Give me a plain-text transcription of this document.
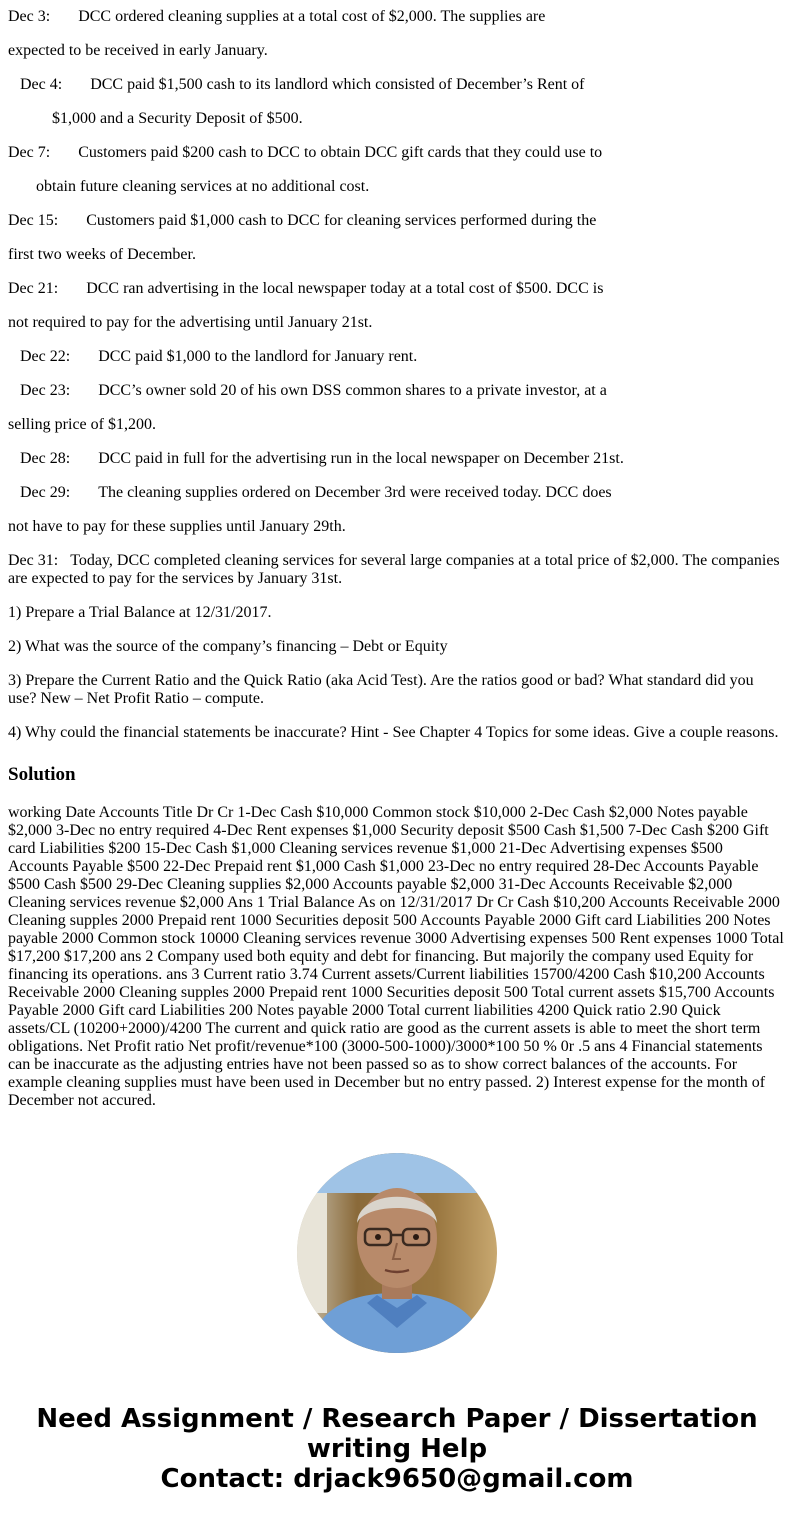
Dec 3: DCC ordered cleaning supplies at a total cost of $2,000. The supplies are

expected to be received in early January.

Dec 4: DCC paid $1,500 cash to its landlord which consisted of December’s Rent of

$1,000 and a Security Deposit of $500.

Dec 7: Customers paid $200 cash to DCC to obtain DCC gift cards that they could use to

obtain future cleaning services at no additional cost.

Dec 15: Customers paid $1,000 cash to DCC for cleaning services performed during the

first two weeks of December.

Dec 21: DCC ran advertising in the local newspaper today at a total cost of $500. DCC is

not required to pay for the advertising until January 21st.

Dec 22: DCC paid $1,000 to the landlord for January rent.

Dec 23: DCC’s owner sold 20 of his own DSS common shares to a private investor, at a

selling price of $1,200.

Dec 28: DCC paid in full for the advertising run in the local newspaper on December 21st.

Dec 29: The cleaning supplies ordered on December 3rd were received today. DCC does

not have to pay for these supplies until January 29th.

Dec 31: Today, DCC completed cleaning services for several large companies at a total price of $2,000. The companies are expected to pay for the services by January 31st.

1) Prepare a Trial Balance at 12/31/2017.

2) What was the source of the company’s financing – Debt or Equity

3) Prepare the Current Ratio and the Quick Ratio (aka Acid Test). Are the ratios good or bad? What standard did you use? New – Net Profit Ratio – compute.

4) Why could the financial statements be inaccurate? Hint - See Chapter 4 Topics for some ideas. Give a couple reasons.

Solution

working Date Accounts Title Dr Cr 1-Dec Cash $10,000 Common stock $10,000 2-Dec Cash $2,000 Notes payable $2,000 3-Dec no entry required 4-Dec Rent expenses $1,000 Security deposit $500 Cash $1,500 7-Dec Cash $200 Gift card Liabilities $200 15-Dec Cash $1,000 Cleaning services revenue $1,000 21-Dec Advertising expenses $500 Accounts Payable $500 22-Dec Prepaid rent $1,000 Cash $1,000 23-Dec no entry required 28-Dec Accounts Payable $500 Cash $500 29-Dec Cleaning supplies $2,000 Accounts payable $2,000 31-Dec Accounts Receivable $2,000 Cleaning services revenue $2,000 Ans 1 Trial Balance As on 12/31/2017 Dr Cr Cash $10,200 Accounts Receivable 2000 Cleaning supples 2000 Prepaid rent 1000 Securities deposit 500 Accounts Payable 2000 Gift card Liabilities 200 Notes payable 2000 Common stock 10000 Cleaning services revenue 3000 Advertising expenses 500 Rent expenses 1000 Total $17,200 $17,200 ans 2 Company used both equity and debt for financing. But majorily the company used Equity for financing its operations. ans 3 Current ratio 3.74 Current assets/Current liabilities 15700/4200 Cash $10,200 Accounts Receivable 2000 Cleaning supples 2000 Prepaid rent 1000 Securities deposit 500 Total current assets $15,700 Accounts Payable 2000 Gift card Liabilities 200 Notes payable 2000 Total current liabilities 4200 Quick ratio 2.90 Quick assets/CL (10200+2000)/4200 The current and quick ratio are good as the current assets is able to meet the short term obligations. Net Profit ratio Net profit/revenue*100 (3000-500-1000)/3000*100 50 % 0r .5 ans 4 Financial statements can be inaccurate as the adjusting entries have not been passed so as to show correct balances of the accounts. For example cleaning supplies must have been used in December but no entry passed. 2) Interest expense for the month of December not accured.

Need Assignment / Research Paper / Dissertation
writing Help
Contact: drjack9650@gmail.com
